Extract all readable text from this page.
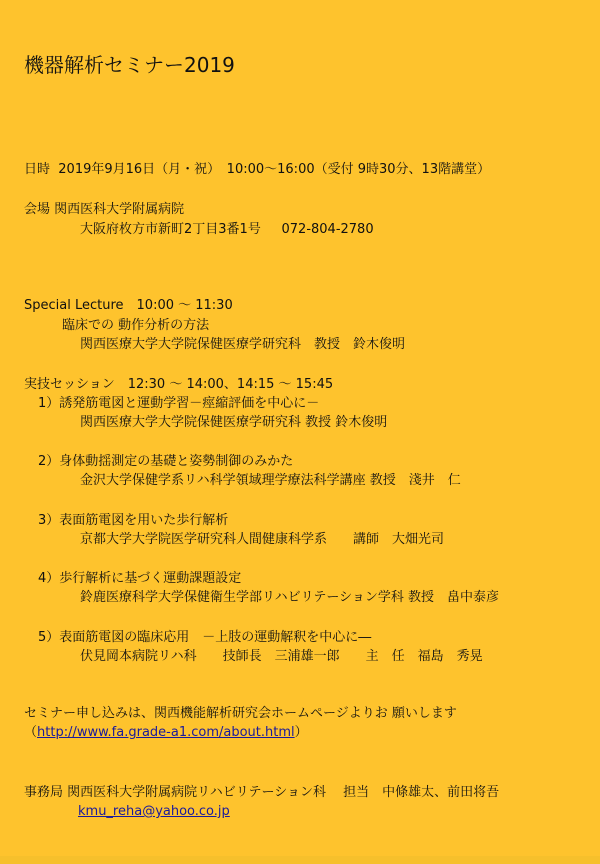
機器解析セミナー2019
日時 2019年9月16日（月・祝）　10:00〜16:00（受付 9時30分、13階講堂）
会場 関西医科大学附属病院
大阪府枚方市新町2丁目3番1号 072-804-2780
Special Lecture　10:00 〜 11:30
臨床での 動作分析の方法
関西医療大学大学院保健医療学研究科　教授　鈴木俊明
実技セッション　12:30 〜 14:00、14:15 〜 15:45
1）誘発筋電図と運動学習－痙縮評価を中心に－
関西医療大学大学院保健医療学研究科 教授 鈴木俊明
2）身体動揺測定の基礎と姿勢制御のみかた
金沢大学保健学系リハ科学領域理学療法科学講座 教授　淺井　仁
3）表面筋電図を用いた歩行解析
京都大学大学院医学研究科人間健康科学系　　講師　大畑光司
4）歩行解析に基づく運動課題設定
鈴鹿医療科学大学保健衛生学部リハビリテーション学科 教授　畠中泰彦
5）表面筋電図の臨床応用　－上肢の運動解釈を中心に―
伏見岡本病院リハ科　　技師長　三浦雄一郎　　主　任　福島　秀晃
セミナー申し込みは、関西機能解析研究会ホームページよりお 願いします
（http://www.fa.grade-a1.com/about.html）
事務局 関西医科大学附属病院リハビリテーション科　 担当　中條雄太、前田将吾
kmu_reha@yahoo.co.jp
